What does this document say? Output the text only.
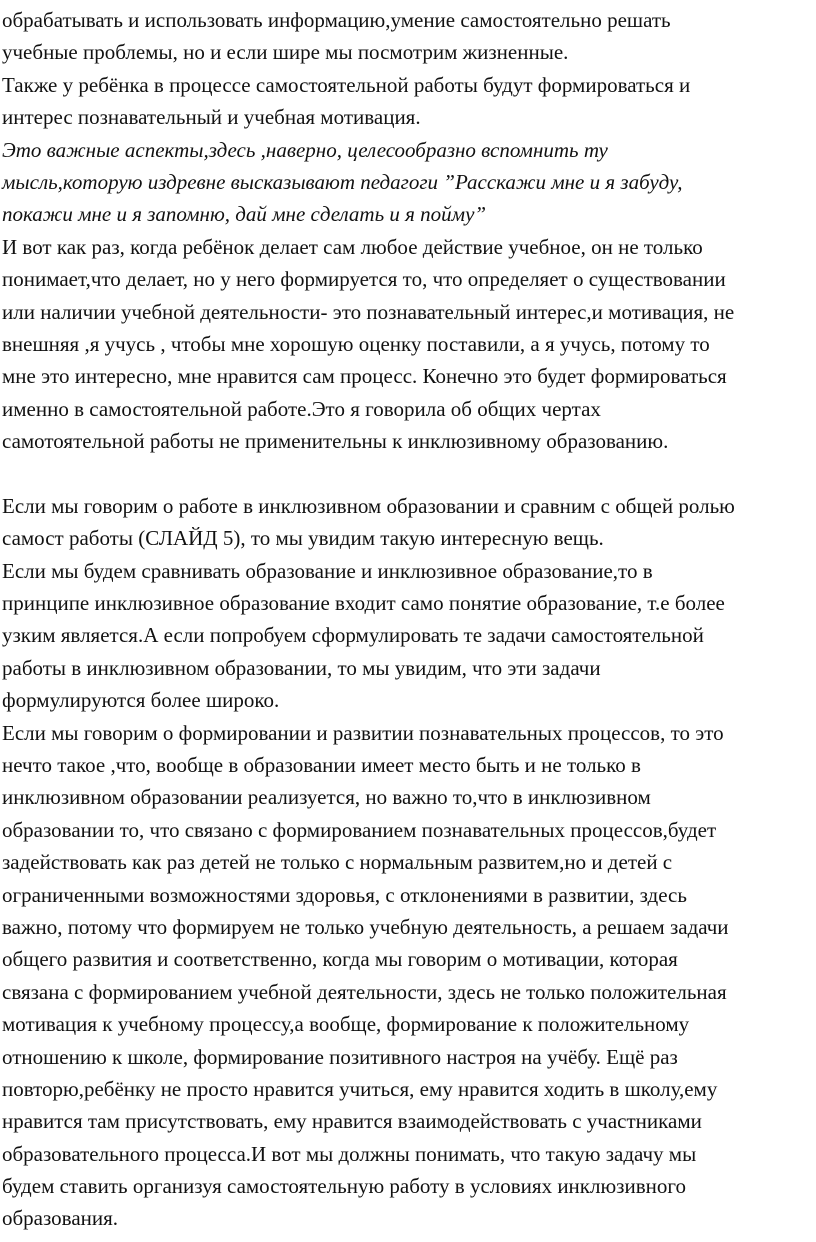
обрабатывать и использовать информацию,умение самостоятельно решать
учебные проблемы, но и если шире мы посмотрим жизненные.
Также у ребёнка в процессе самостоятельной работы будут формироваться и
интерес познавательный и учебная мотивация.
Это важные аспекты,здесь ,наверно, целесообразно вспомнить ту
мысль,которую издревне высказывают педагоги ”Расскажи мне и я забуду,
покажи мне и я запомню, дай мне сделать и я пойму”
И вот как раз, когда ребёнок делает сам любое действие учебное, он не только
понимает,что делает, но у него формируется то, что определяет о существовании
или наличии учебной деятельности- это познавательный интерес,и мотивация, не
внешняя ,я учусь , чтобы мне хорошую оценку поставили, а я учусь, потому то
мне это интересно, мне нравится сам процесс. Конечно это будет формироваться
именно в самостоятельной работе.Это я говорила об общих чертах
самотоятельной работы не применительны к инклюзивному образованию.
Если мы говорим о работе в инклюзивном образовании и сравним с общей ролью
самост работы (СЛАЙД 5), то мы увидим такую интересную вещь.
Если мы будем сравнивать образование и инклюзивное образование,то в
принципе инклюзивное образование входит само понятие образование, т.е более
узким является.А если попробуем сформулировать те задачи самостоятельной
работы в инклюзивном образовании, то мы увидим, что эти задачи
формулируются более широко.
Если мы говорим о формировании и развитии познавательных процессов, то это
нечто такое ,что, вообще в образовании имеет место быть и не только в
инклюзивном образовании реализуется, но важно то,что в инклюзивном
образовании то, что связано с формированием познавательных процессов,будет
задействовать как раз детей не только с нормальным развитем,но и детей с
ограниченными возможностями здоровья, с отклонениями в развитии, здесь
важно, потому что формируем не только учебную деятельность, а решаем задачи
общего развития и соответственно, когда мы говорим о мотивации, которая
связана с формированием учебной деятельности, здесь не только положительная
мотивация к учебному процессу,а вообще, формирование к положительному
отношению к школе, формирование позитивного настроя на учёбу. Ещё раз
повторю,ребёнку не просто нравится учиться, ему нравится ходить в школу,ему
нравится там присутствовать, ему нравится взаимодействовать с участниками
образовательного процесса.И вот мы должны понимать, что такую задачу мы
будем ставить организуя самостоятельную работу в условиях инклюзивного
образования.
